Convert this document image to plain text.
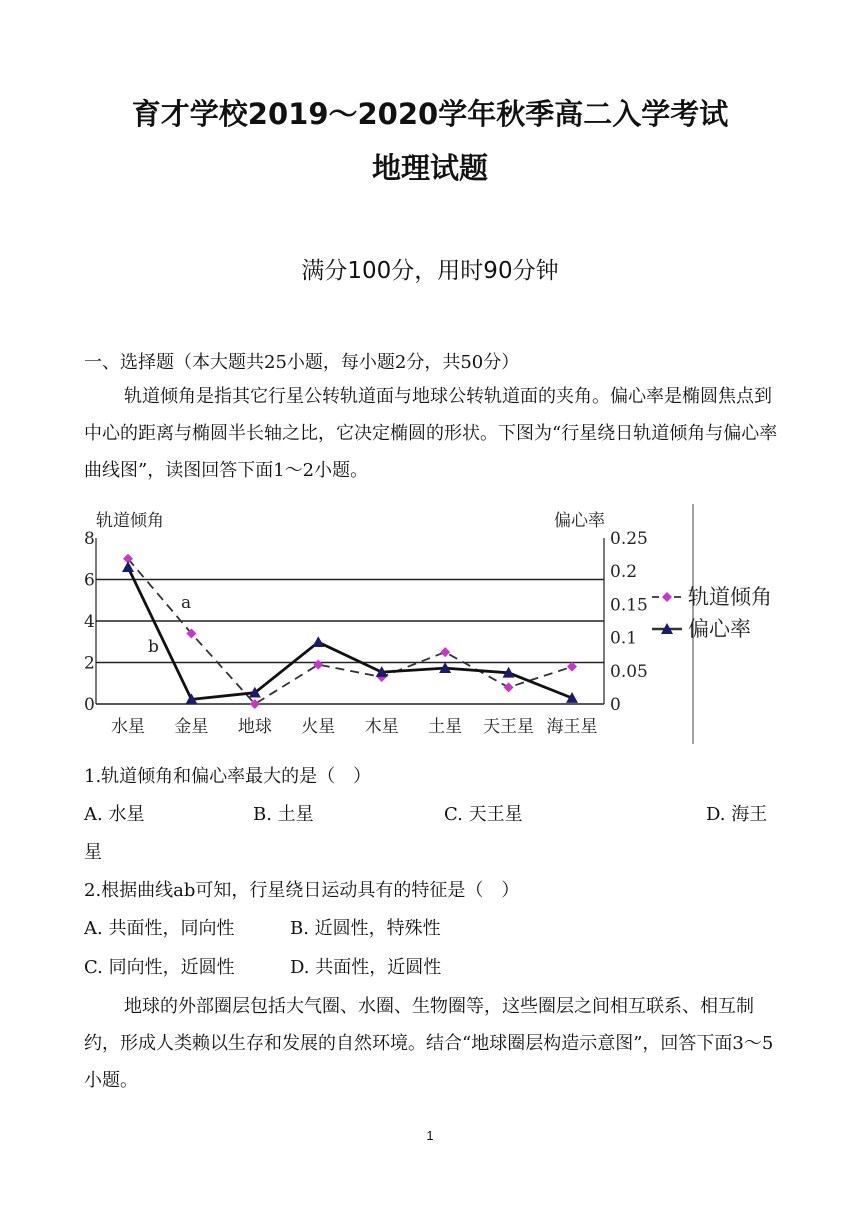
育才学校2019～2020学年秋季高二入学考试
地理试题
满分100分，用时90分钟
一、选择题（本大题共25小题，每小题2分，共50分）
轨道倾角是指其它行星公转轨道面与地球公转轨道面的夹角。偏心率是椭圆焦点到中心的距离与椭圆半长轴之比，它决定椭圆的形状。下图为“行星绕日轨道倾角与偏心率曲线图”，读图回答下面1～2小题。
轨道倾角	偏心率
0
2
4
6
8
0
0.05
0.1
0.15
0.2
0.25
水星 金星 地球 火星 木星 土星 天王星 海王星
a
b
轨道倾角
偏心率
1.轨道倾角和偏心率最大的是（　）
A. 水星	B. 土星	C. 天王星	D. 海王
星
2.根据曲线ab可知，行星绕日运动具有的特征是（　）
A. 共面性，同向性	B. 近圆性，特殊性
C. 同向性，近圆性	D. 共面性，近圆性
地球的外部圈层包括大气圈、水圈、生物圈等，这些圈层之间相互联系、相互制约，形成人类赖以生存和发展的自然环境。结合“地球圈层构造示意图”，回答下面3～5小题。
1
